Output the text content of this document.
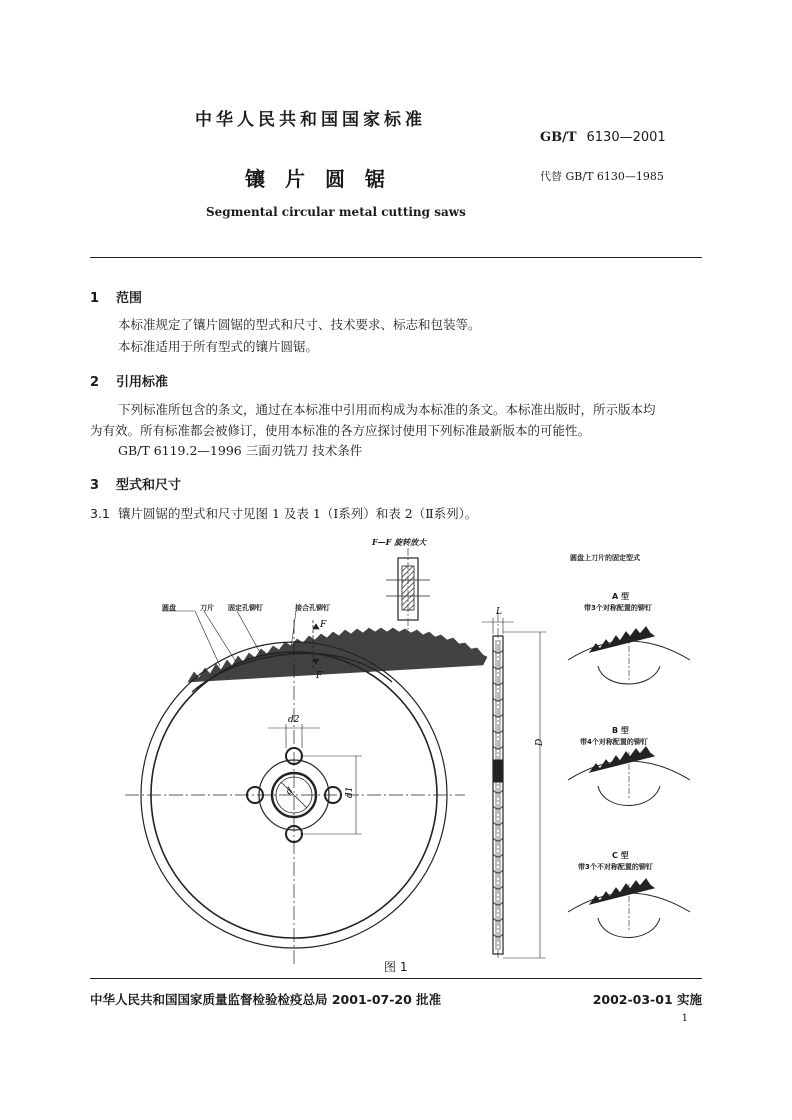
中华人民共和国国家标准
GB/T 6130—2001
镶片圆锯	代替 GB/T 6130—1985
Segmental circular metal cutting saws
1 范围
本标准规定了镶片圆锯的型式和尺寸、技术要求、标志和包装等。
本标准适用于所有型式的镶片圆锯。
2 引用标准
下列标准所包含的条文，通过在本标准中引用而构成为本标准的条文。本标准出版时，所示版本均
为有效。所有标准都会被修订，使用本标准的各方应探讨使用下列标准最新版本的可能性。
GB/T 6119.2—1996 三面刃铣刀 技术条件
3 型式和尺寸
3.1 镶片圆锯的型式和尺寸见图 1 及表 1（Ⅰ系列）和表 2（Ⅱ系列）。
F
F
d
d2
d1
L
D
F—F 旋转放大
圆盘	刀片 固定孔铆钉	接合孔铆钉
圆盘上刀片的固定型式
A 型
带3个对称配置的铆钉
B 型
带4个对称配置的铆钉
C 型
带3个不对称配置的铆钉
图 1
中华人民共和国国家质量监督检验检疫总局 2001-07-20 批准	2002-03-01 实施
1
